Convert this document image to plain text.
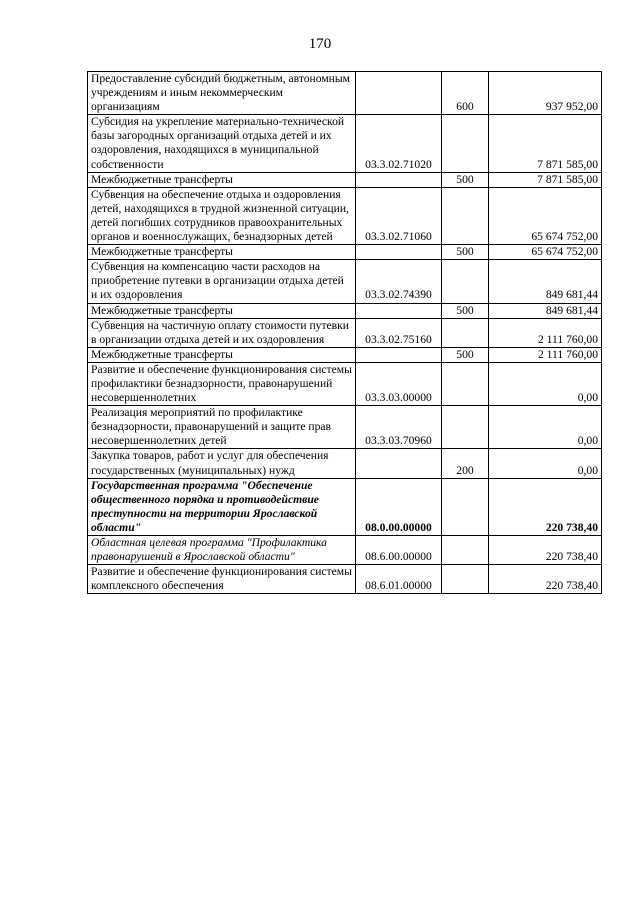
170
Предоставление субсидий бюджетным, автономным учреждениям и иным некоммерческим организациям		600	937 952,00
Субсидия на укрепление материально-технической базы загородных организаций отдыха детей и их оздоровления, находящихся в муниципальной собственности	03.3.02.71020		7 871 585,00
Межбюджетные трансферты		500	7 871 585,00
Субвенция на обеспечение отдыха и оздоровления детей, находящихся в трудной жизненной ситуации, детей погибших сотрудников правоохранительных органов и военнослужащих, безнадзорных детей	03.3.02.71060		65 674 752,00
Межбюджетные трансферты		500	65 674 752,00
Субвенция на компенсацию части расходов на приобретение путевки в организации отдыха детей и их оздоровления	03.3.02.74390		849 681,44
Межбюджетные трансферты		500	849 681,44
Субвенция на частичную оплату стоимости путевки в организации отдыха детей и их оздоровления	03.3.02.75160		2 111 760,00
Межбюджетные трансферты		500	2 111 760,00
Развитие и обеспечение функционирования системы профилактики безнадзорности, правонарушений несовершеннолетних	03.3.03.00000		0,00
Реализация мероприятий по профилактике безнадзорности, правонарушений и защите прав несовершеннолетних детей	03.3.03.70960		0,00
Закупка товаров, работ и услуг для обеспечения государственных (муниципальных) нужд		200	0,00
Государственная программа "Обеспечение общественного порядка и противодействие преступности на территории Ярославской области"	08.0.00.00000		220 738,40
Областная целевая программа "Профилактика правонарушений в Ярославской области"	08.6.00.00000		220 738,40
Развитие и обеспечение функционирования системы комплексного обеспечения	08.6.01.00000		220 738,40
